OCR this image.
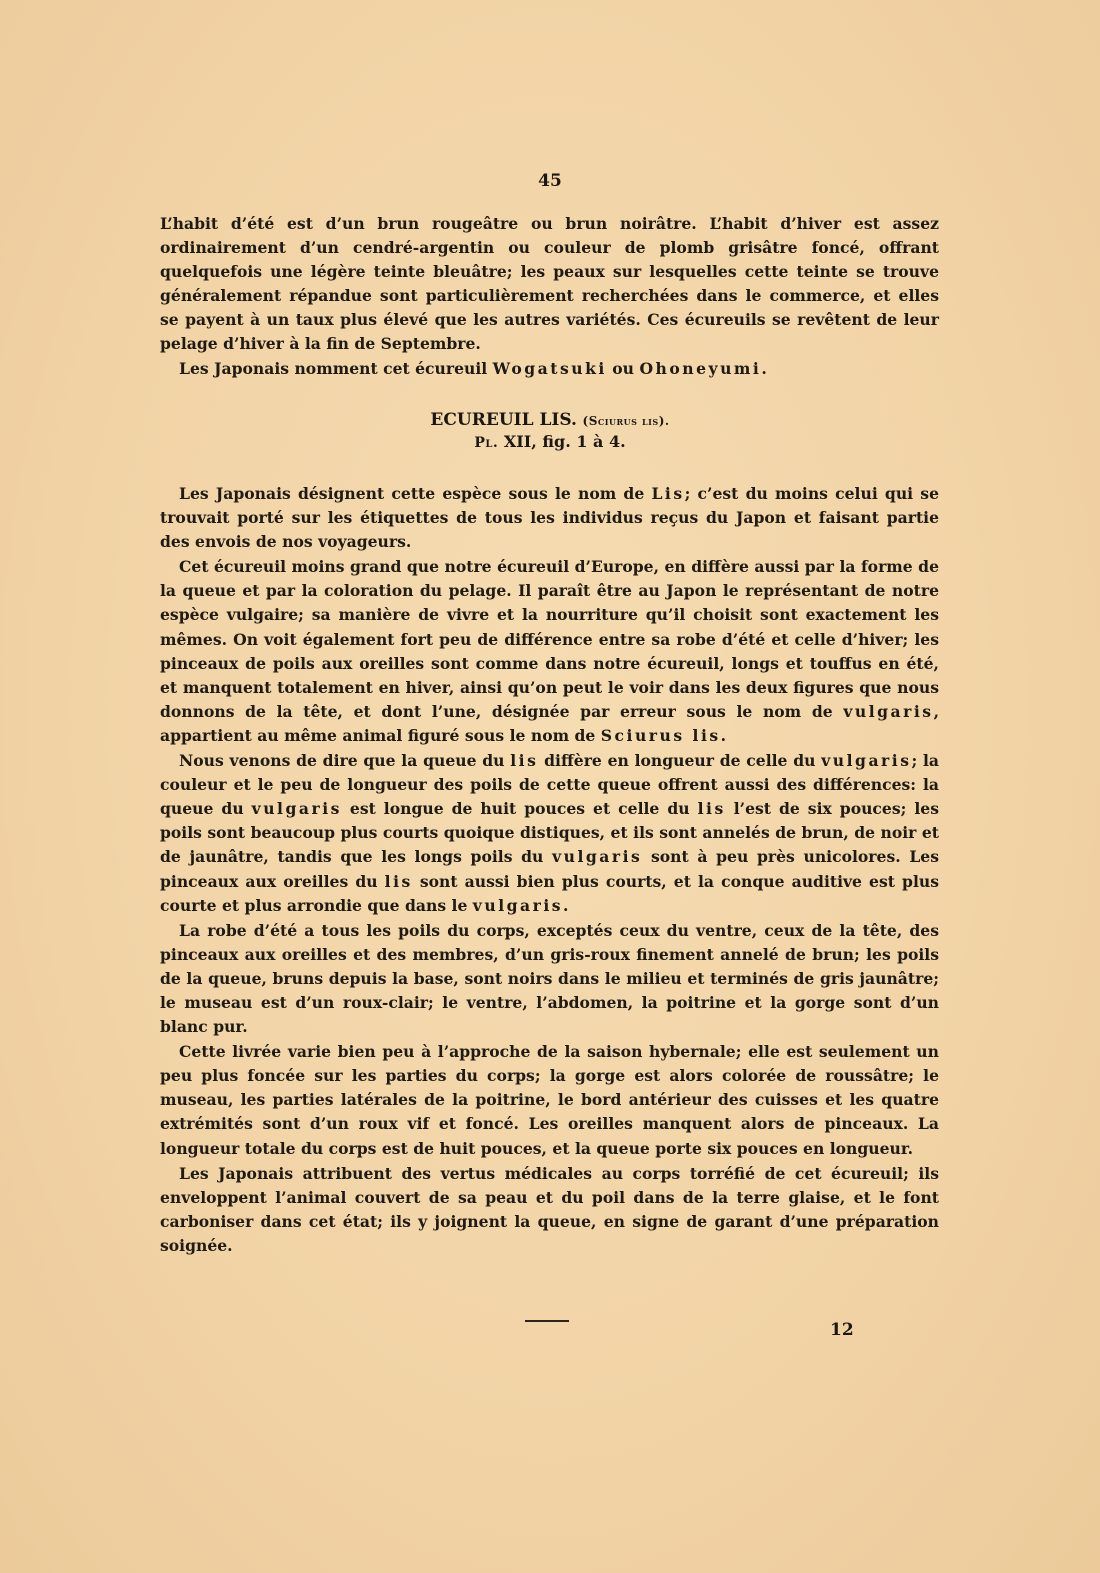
45

L’habit d’été est d’un brun rougeâtre ou brun noirâtre. L’habit d’hiver est assez ordinairement d’un cendré-argentin ou couleur de plomb grisâtre foncé, offrant quelquefois une légère teinte bleuâtre; les peaux sur lesquelles cette teinte se trouve généralement répandue sont particulièrement recherchées dans le commerce, et elles se payent à un taux plus élevé que les autres variétés. Ces écureuils se revêtent de leur pelage d’hiver à la fin de Septembre.

Les Japonais nomment cet écureuil Wogatsuki ou Ohoneyumi.

ECUREUIL LIS. (Sciurus lis).
Pl. XII, fig. 1 à 4.

Les Japonais désignent cette espèce sous le nom de Lis; c’est du moins celui qui se trouvait porté sur les étiquettes de tous les individus reçus du Japon et faisant partie des envois de nos voyageurs.

Cet écureuil moins grand que notre écureuil d’Europe, en diffère aussi par la forme de la queue et par la coloration du pelage. Il paraît être au Japon le représentant de notre espèce vulgaire; sa manière de vivre et la nourriture qu’il choisit sont exactement les mêmes. On voit également fort peu de différence entre sa robe d’été et celle d’hiver; les pinceaux de poils aux oreilles sont comme dans notre écureuil, longs et touffus en été, et manquent totalement en hiver, ainsi qu’on peut le voir dans les deux figures que nous donnons de la tête, et dont l’une, désignée par erreur sous le nom de vulgaris, appartient au même animal figuré sous le nom de Sciurus lis.

Nous venons de dire que la queue du lis diffère en longueur de celle du vulgaris; la couleur et le peu de longueur des poils de cette queue offrent aussi des différences: la queue du vulgaris est longue de huit pouces et celle du lis l’est de six pouces; les poils sont beaucoup plus courts quoique distiques, et ils sont annelés de brun, de noir et de jaunâtre, tandis que les longs poils du vulgaris sont à peu près unicolores. Les pinceaux aux oreilles du lis sont aussi bien plus courts, et la conque auditive est plus courte et plus arrondie que dans le vulgaris.

La robe d’été a tous les poils du corps, exceptés ceux du ventre, ceux de la tête, des pinceaux aux oreilles et des membres, d’un gris-roux finement annelé de brun; les poils de la queue, bruns depuis la base, sont noirs dans le milieu et terminés de gris jaunâtre; le museau est d’un roux-clair; le ventre, l’abdomen, la poitrine et la gorge sont d’un blanc pur.

Cette livrée varie bien peu à l’approche de la saison hybernale; elle est seulement un peu plus foncée sur les parties du corps; la gorge est alors colorée de roussâtre; le museau, les parties latérales de la poitrine, le bord antérieur des cuisses et les quatre extrémités sont d’un roux vif et foncé. Les oreilles manquent alors de pinceaux. La longueur totale du corps est de huit pouces, et la queue porte six pouces en longueur.

Les Japonais attribuent des vertus médicales au corps torréfié de cet écureuil; ils enveloppent l’animal couvert de sa peau et du poil dans de la terre glaise, et le font carboniser dans cet état; ils y joignent la queue, en signe de garant d’une préparation soignée.

12
